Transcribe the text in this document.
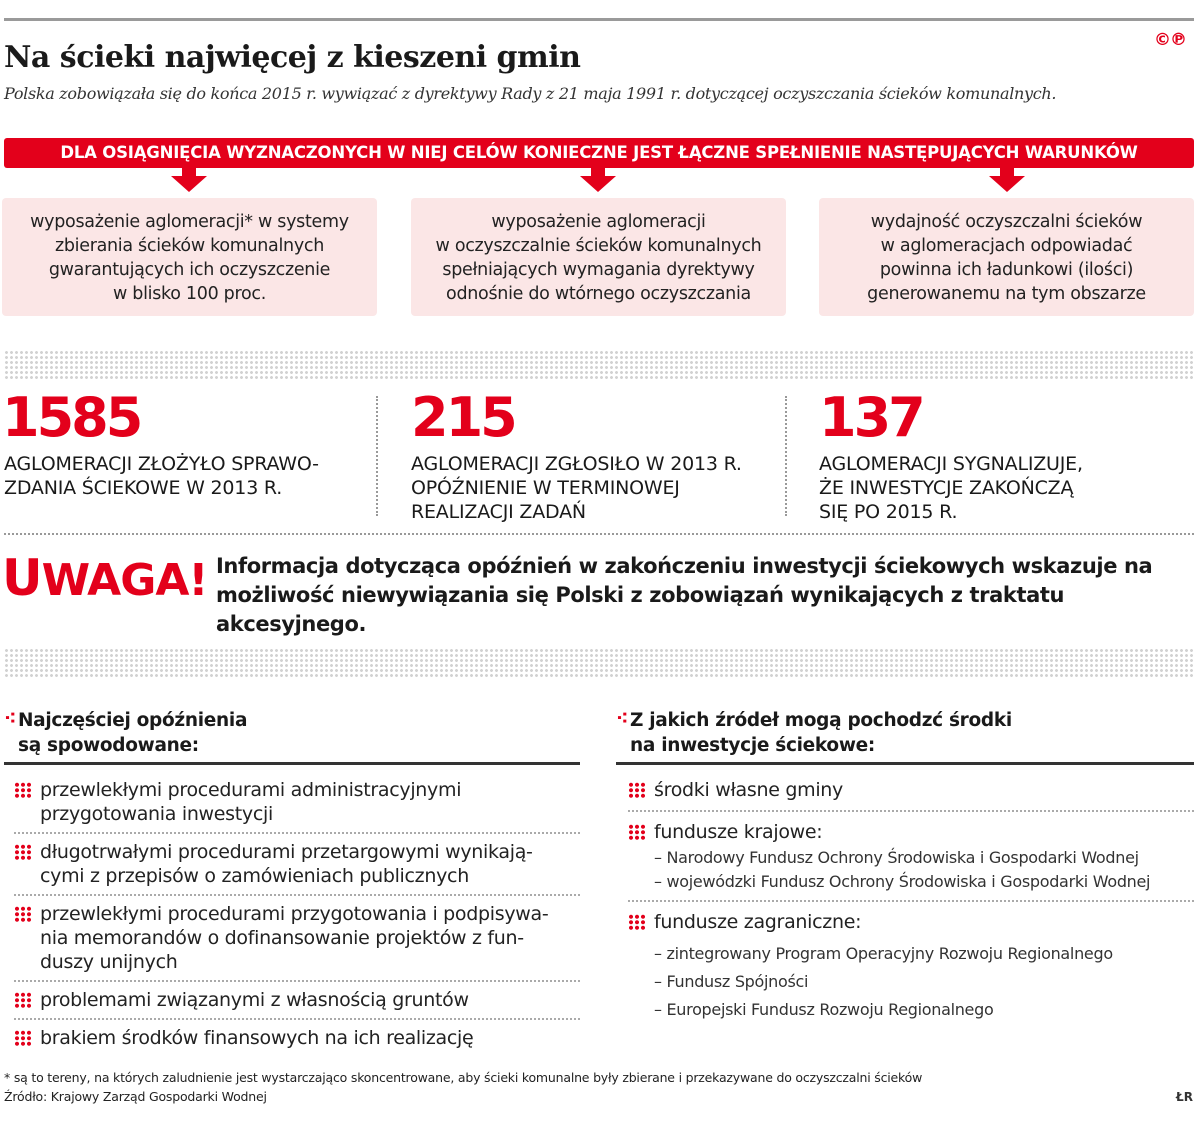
Na ścieki najwięcej z kieszeni gmin	©℗
Polska zobowiązała się do końca 2015 r. wywiązać z dyrektywy Rady z 21 maja 1991 r. dotyczącej oczyszczania ścieków komunalnych.
DLA OSIĄGNIĘCIA WYZNACZONYCH W NIEJ CELÓW KONIECZNE JEST ŁĄCZNE SPEŁNIENIE NASTĘPUJĄCYCH WARUNKÓW
wyposażenie aglomeracji* w systemy
zbierania ścieków komunalnych
gwarantujących ich oczyszczenie
w blisko 100 proc.
wyposażenie aglomeracji
w oczyszczalnie ścieków komunalnych
spełniających wymagania dyrektywy
odnośnie do wtórnego oczyszczania
wydajność oczyszczalni ścieków
w aglomeracjach odpowiadać
powinna ich ładunkowi (ilości)
generowanemu na tym obszarze
1585
AGLOMERACJI ZŁOŻYŁO SPRAWO-
ZDANIA ŚCIEKOWE W 2013 R.
215
AGLOMERACJI ZGŁOSIŁO W 2013 R.
OPÓŹNIENIE W TERMINOWEJ
REALIZACJI ZADAŃ
137
AGLOMERACJI SYGNALIZUJE,
ŻE INWESTYCJE ZAKOŃCZĄ
SIĘ PO 2015 R.
UWAGA! Informacja dotycząca opóźnień w zakończeniu inwestycji ściekowych wskazuje na możliwość niewywiązania się Polski z zobowiązań wynikających z traktatu akcesyjnego.
⁖ Najczęściej opóźnienia
są spowodowane:
przewlekłymi procedurami administracyjnymi
przygotowania inwestycji
długotrwałymi procedurami przetargowymi wynikają-
cymi z przepisów o zamówieniach publicznych
przewlekłymi procedurami przygotowania i podpisywa-
nia memorandów o dofinansowanie projektów z fun-
duszy unijnych
problemami związanymi z własnością gruntów
brakiem środków finansowych na ich realizację
⁖ Z jakich źródeł mogą pochodzć środki
na inwestycje ściekowe:
środki własne gminy
fundusze krajowe:
– Narodowy Fundusz Ochrony Środowiska i Gospodarki Wodnej
– wojewódzki Fundusz Ochrony Środowiska i Gospodarki Wodnej
fundusze zagraniczne:
– zintegrowany Program Operacyjny Rozwoju Regionalnego
– Fundusz Spójności
– Europejski Fundusz Rozwoju Regionalnego
* są to tereny, na których zaludnienie jest wystarczająco skoncentrowane, aby ścieki komunalne były zbierane i przekazywane do oczyszczalni ścieków
Źródło: Krajowy Zarząd Gospodarki Wodnej	ŁR
